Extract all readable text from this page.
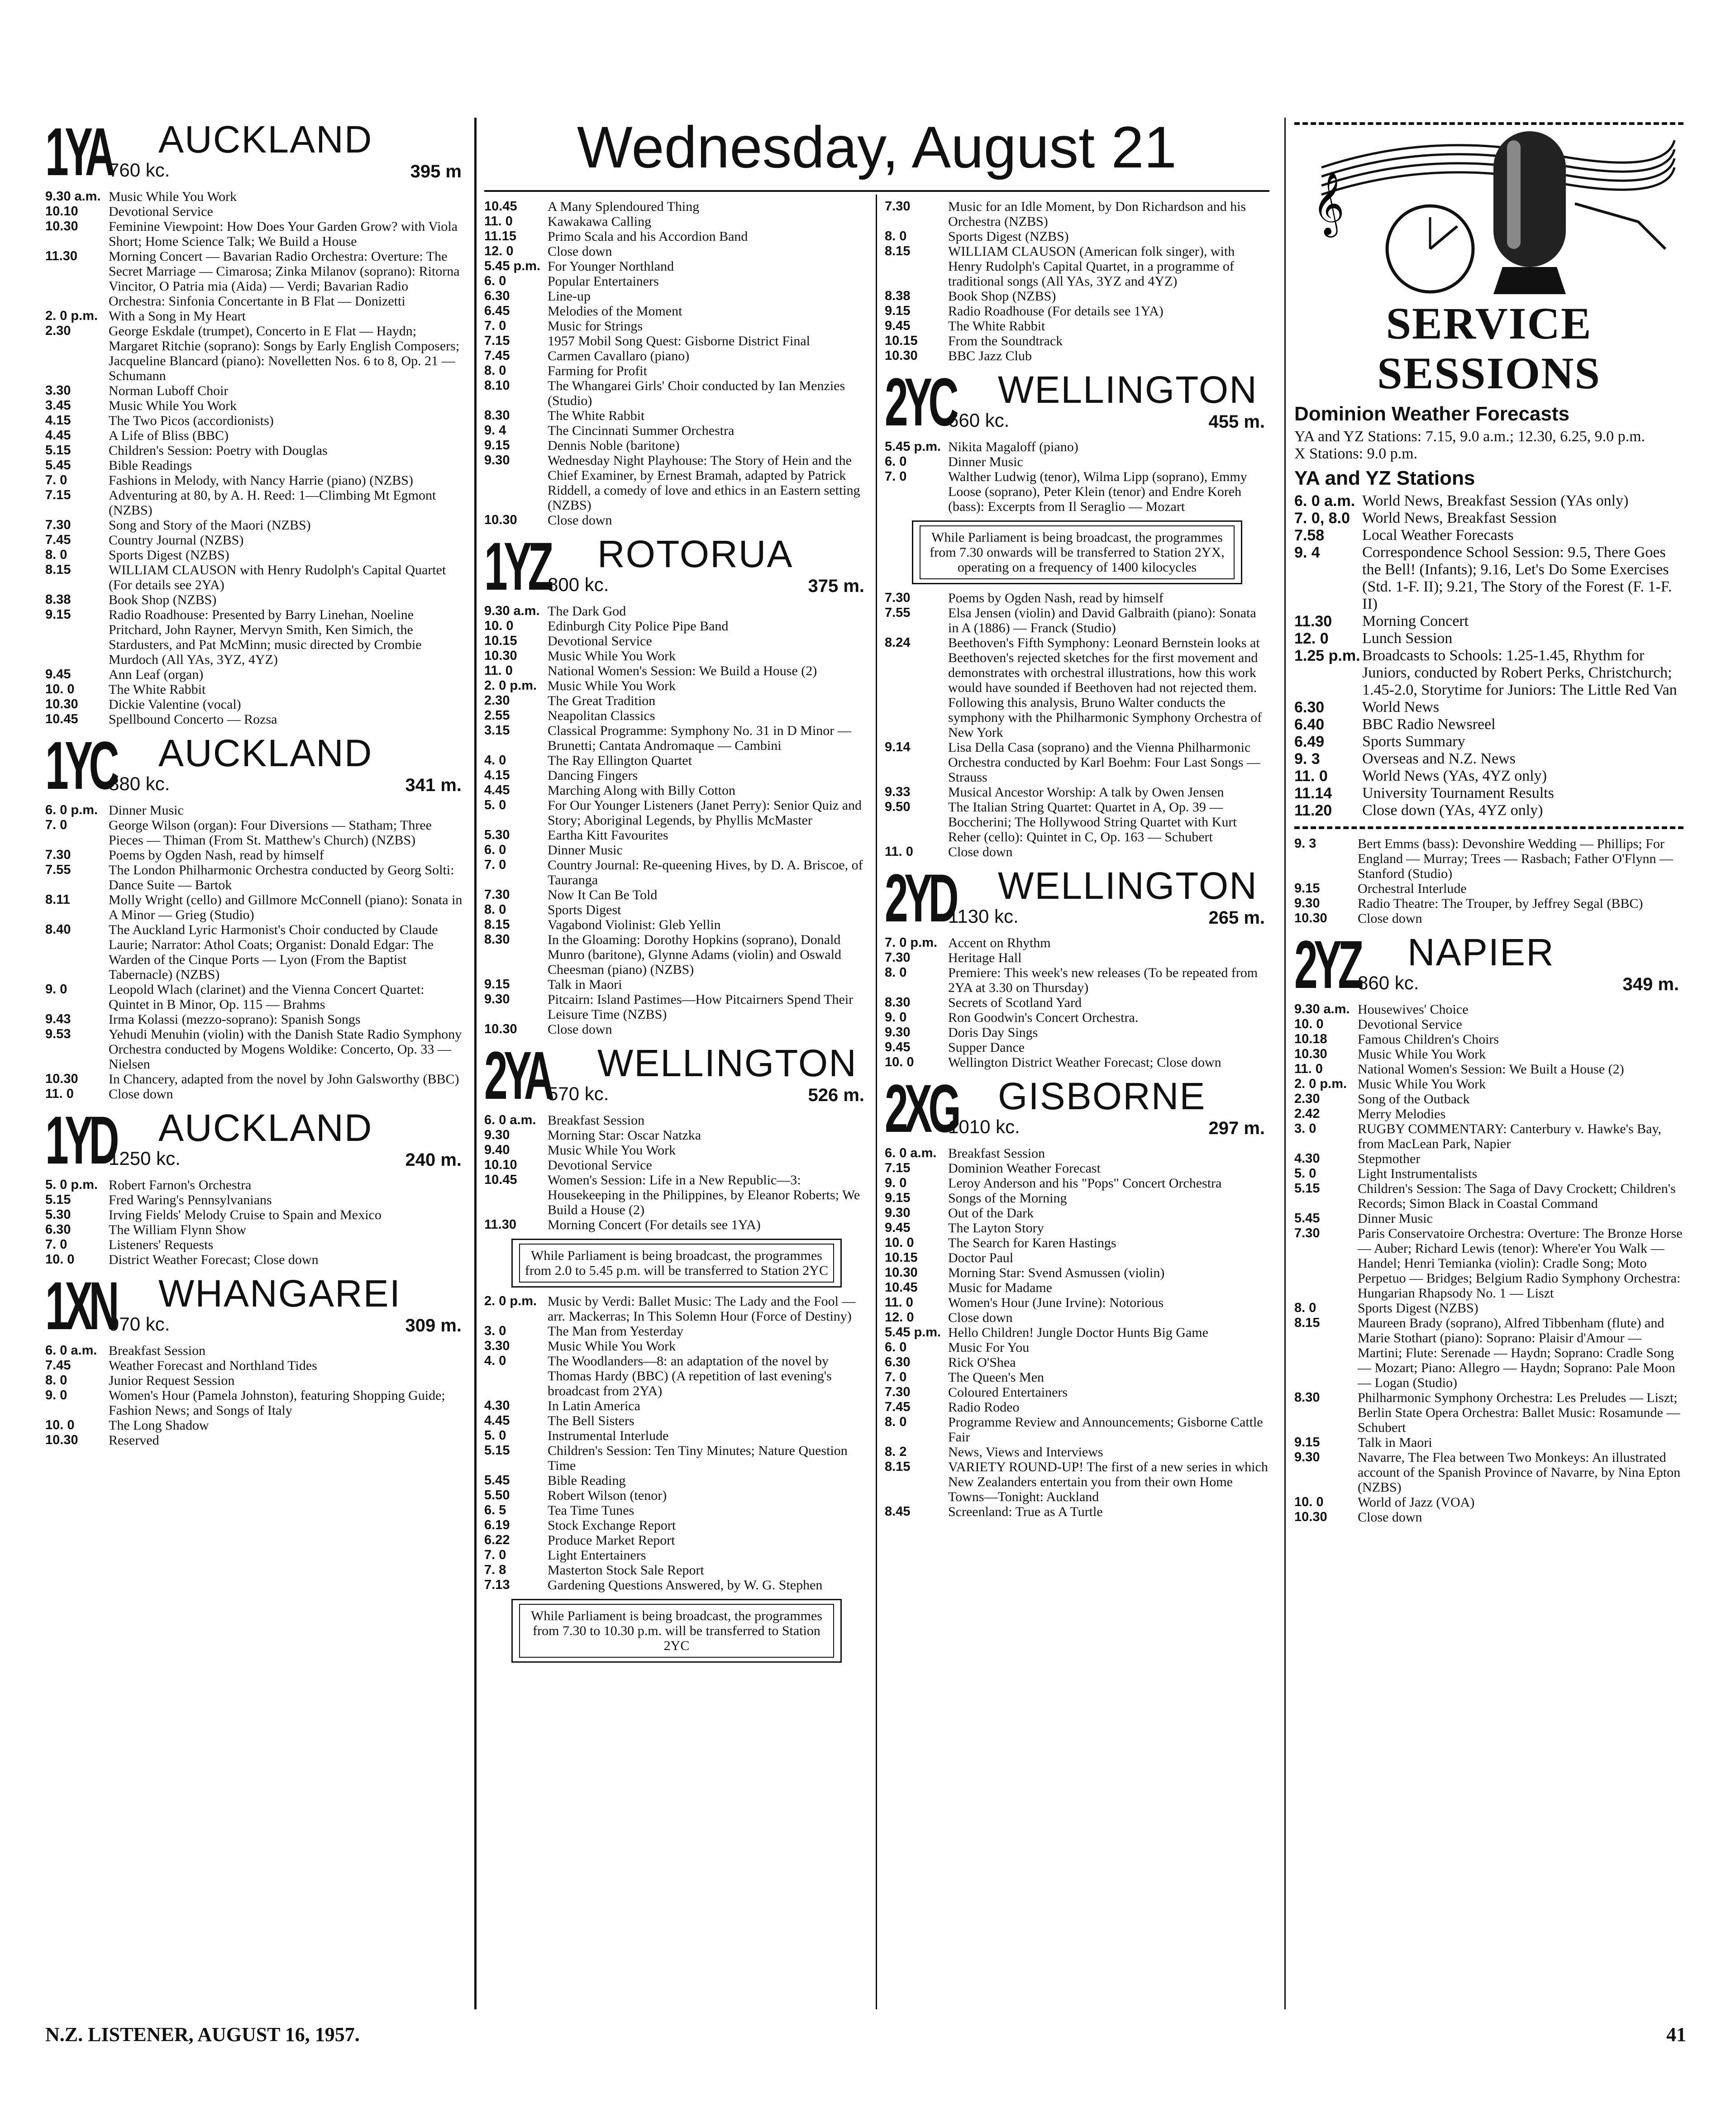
Wednesday, August 21
1YA
760 kc.
AUCKLAND
395 m
9.30 a.m. Music While You Work
10.10	Devotional Service
10.30	Feminine Viewpoint: How Does Your Garden Grow? with Viola Short; Home Science Talk; We Build a House
11.30	Morning Concert — Bavarian Radio Orchestra: Overture: The Secret Marriage — Cimarosa; Zinka Milanov (soprano): Ritorna Vincitor, O Patria mia (Aida) — Verdi; Bavarian Radio Orchestra: Sinfonia Concertante in B Flat — Donizetti
2. 0 p.m. With a Song in My Heart
2.30	George Eskdale (trumpet), Concerto in E Flat — Haydn; Margaret Ritchie (soprano): Songs by Early English Composers; Jacqueline Blancard (piano): Novelletten Nos. 6 to 8, Op. 21 — Schumann
3.30	Norman Luboff Choir
3.45	Music While You Work
4.15	The Two Picos (accordionists)
4.45	A Life of Bliss (BBC)
5.15	Children's Session: Poetry with Douglas
5.45	Bible Readings
7. 0	Fashions in Melody, with Nancy Harrie (piano) (NZBS)
7.15	Adventuring at 80, by A. H. Reed: 1—Climbing Mt Egmont (NZBS)
7.30	Song and Story of the Maori (NZBS)
7.45	Country Journal (NZBS)
8. 0	Sports Digest (NZBS)
8.15	WILLIAM CLAUSON with Henry Rudolph's Capital Quartet (For details see 2YA)
8.38	Book Shop (NZBS)
9.15	Radio Roadhouse: Presented by Barry Linehan, Noeline Pritchard, John Rayner, Mervyn Smith, Ken Simich, the Stardusters, and Pat McMinn; music directed by Crombie Murdoch (All YAs, 3YZ, 4YZ)
9.45	Ann Leaf (organ)
10. 0	The White Rabbit
10.30	Dickie Valentine (vocal)
10.45	Spellbound Concerto — Rozsa
1YC
880 kc.
AUCKLAND
341 m.
6. 0 p.m. Dinner Music
7. 0	George Wilson (organ): Four Diversions — Statham; Three Pieces — Thiman (From St. Matthew's Church) (NZBS)
7.30	Poems by Ogden Nash, read by himself
7.55	The London Philharmonic Orchestra conducted by Georg Solti: Dance Suite — Bartok
8.11	Molly Wright (cello) and Gillmore McConnell (piano): Sonata in A Minor — Grieg (Studio)
8.40	The Auckland Lyric Harmonist's Choir conducted by Claude Laurie; Narrator: Athol Coats; Organist: Donald Edgar: The Warden of the Cinque Ports — Lyon (From the Baptist Tabernacle) (NZBS)
9. 0	Leopold Wlach (clarinet) and the Vienna Concert Quartet: Quintet in B Minor, Op. 115 — Brahms
9.43	Irma Kolassi (mezzo-soprano): Spanish Songs
9.53	Yehudi Menuhin (violin) with the Danish State Radio Symphony Orchestra conducted by Mogens Woldike: Concerto, Op. 33 — Nielsen
10.30	In Chancery, adapted from the novel by John Galsworthy (BBC)
11. 0	Close down
1YD
1250 kc.
AUCKLAND
240 m.
5. 0 p.m. Robert Farnon's Orchestra
5.15	Fred Waring's Pennsylvanians
5.30	Irving Fields' Melody Cruise to Spain and Mexico
6.30	The William Flynn Show
7. 0	Listeners' Requests
10. 0	District Weather Forecast; Close down
1XN
970 kc.
WHANGAREI
309 m.
6. 0 a.m. Breakfast Session
7.45	Weather Forecast and Northland Tides
8. 0	Junior Request Session
9. 0	Women's Hour (Pamela Johnston), featuring Shopping Guide; Fashion News; and Songs of Italy
10. 0	The Long Shadow
10.30	Reserved
10.45	A Many Splendoured Thing
11. 0	Kawakawa Calling
11.15	Primo Scala and his Accordion Band
12. 0	Close down
5.45 p.m. For Younger Northland
6. 0	Popular Entertainers
6.30	Line-up
6.45	Melodies of the Moment
7. 0	Music for Strings
7.15	1957 Mobil Song Quest: Gisborne District Final
7.45	Carmen Cavallaro (piano)
8. 0	Farming for Profit
8.10	The Whangarei Girls' Choir conducted by Ian Menzies (Studio)
8.30	The White Rabbit
9. 4	The Cincinnati Summer Orchestra
9.15	Dennis Noble (baritone)
9.30	Wednesday Night Playhouse: The Story of Hein and the Chief Examiner, by Ernest Bramah, adapted by Patrick Riddell, a comedy of love and ethics in an Eastern setting (NZBS)
10.30	Close down
1YZ
800 kc.
ROTORUA
375 m.
9.30 a.m. The Dark God
10. 0	Edinburgh City Police Pipe Band
10.15	Devotional Service
10.30	Music While You Work
11. 0	National Women's Session: We Build a House (2)
2. 0 p.m. Music While You Work
2.30	The Great Tradition
2.55	Neapolitan Classics
3.15	Classical Programme: Symphony No. 31 in D Minor — Brunetti; Cantata Andromaque — Cambini
4. 0	The Ray Ellington Quartet
4.15	Dancing Fingers
4.45	Marching Along with Billy Cotton
5. 0	For Our Younger Listeners (Janet Perry): Senior Quiz and Story; Aboriginal Legends, by Phyllis McMaster
5.30	Eartha Kitt Favourites
6. 0	Dinner Music
7. 0	Country Journal: Re-queening Hives, by D. A. Briscoe, of Tauranga
7.30	Now It Can Be Told
8. 0	Sports Digest
8.15	Vagabond Violinist: Gleb Yellin
8.30	In the Gloaming: Dorothy Hopkins (soprano), Donald Munro (baritone), Glynne Adams (violin) and Oswald Cheesman (piano) (NZBS)
9.15	Talk in Maori
9.30	Pitcairn: Island Pastimes—How Pitcairners Spend Their Leisure Time (NZBS)
10.30	Close down
2YA
570 kc.
WELLINGTON
526 m.
6. 0 a.m. Breakfast Session
9.30	Morning Star: Oscar Natzka
9.40	Music While You Work
10.10	Devotional Service
10.45	Women's Session: Life in a New Republic—3: Housekeeping in the Philippines, by Eleanor Roberts; We Build a House (2)
11.30	Morning Concert (For details see 1YA)
While Parliament is being broadcast, the programmes from 2.0 to 5.45 p.m. will be transferred to Station 2YC
2. 0 p.m. Music by Verdi: Ballet Music: The Lady and the Fool — arr. Mackerras; In This Solemn Hour (Force of Destiny)
3. 0	The Man from Yesterday
3.30	Music While You Work
4. 0	The Woodlanders—8: an adaptation of the novel by Thomas Hardy (BBC) (A repetition of last evening's broadcast from 2YA)
4.30	In Latin America
4.45	The Bell Sisters
5. 0	Instrumental Interlude
5.15	Children's Session: Ten Tiny Minutes; Nature Question Time
5.45	Bible Reading
5.50	Robert Wilson (tenor)
6. 5	Tea Time Tunes
6.19	Stock Exchange Report
6.22	Produce Market Report
7. 0	Light Entertainers
7. 8	Masterton Stock Sale Report
7.13	Gardening Questions Answered, by W. G. Stephen
While Parliament is being broadcast, the programmes from 7.30 to 10.30 p.m. will be transferred to Station 2YC
7.30	Music for an Idle Moment, by Don Richardson and his Orchestra (NZBS)
8. 0	Sports Digest (NZBS)
8.15	WILLIAM CLAUSON (American folk singer), with Henry Rudolph's Capital Quartet, in a programme of traditional songs (All YAs, 3YZ and 4YZ)
8.38	Book Shop (NZBS)
9.15	Radio Roadhouse (For details see 1YA)
9.45	The White Rabbit
10.15	From the Soundtrack
10.30	BBC Jazz Club
2YC
660 kc.
WELLINGTON
455 m.
5.45 p.m. Nikita Magaloff (piano)
6. 0	Dinner Music
7. 0	Walther Ludwig (tenor), Wilma Lipp (soprano), Emmy Loose (soprano), Peter Klein (tenor) and Endre Koreh (bass): Excerpts from Il Seraglio — Mozart
While Parliament is being broadcast, the programmes from 7.30 onwards will be transferred to Station 2YX, operating on a frequency of 1400 kilocycles
7.30	Poems by Ogden Nash, read by himself
7.55	Elsa Jensen (violin) and David Galbraith (piano): Sonata in A (1886) — Franck (Studio)
8.24	Beethoven's Fifth Symphony: Leonard Bernstein looks at Beethoven's rejected sketches for the first movement and demonstrates with orchestral illustrations, how this work would have sounded if Beethoven had not rejected them. Following this analysis, Bruno Walter conducts the symphony with the Philharmonic Symphony Orchestra of New York
9.14	Lisa Della Casa (soprano) and the Vienna Philharmonic Orchestra conducted by Karl Boehm: Four Last Songs — Strauss
9.33	Musical Ancestor Worship: A talk by Owen Jensen
9.50	The Italian String Quartet: Quartet in A, Op. 39 — Boccherini; The Hollywood String Quartet with Kurt Reher (cello): Quintet in C, Op. 163 — Schubert
11. 0	Close down
2YD
1130 kc.
WELLINGTON
265 m.
7. 0 p.m. Accent on Rhythm
7.30	Heritage Hall
8. 0	Premiere: This week's new releases (To be repeated from 2YA at 3.30 on Thursday)
8.30	Secrets of Scotland Yard
9. 0	Ron Goodwin's Concert Orchestra.
9.30	Doris Day Sings
9.45	Supper Dance
10. 0	Wellington District Weather Forecast; Close down
2XG
1010 kc.
GISBORNE
297 m.
6. 0 a.m. Breakfast Session
7.15	Dominion Weather Forecast
9. 0	Leroy Anderson and his "Pops" Concert Orchestra
9.15	Songs of the Morning
9.30	Out of the Dark
9.45	The Layton Story
10. 0	The Search for Karen Hastings
10.15	Doctor Paul
10.30	Morning Star: Svend Asmussen (violin)
10.45	Music for Madame
11. 0	Women's Hour (June Irvine): Notorious
12. 0	Close down
5.45 p.m. Hello Children! Jungle Doctor Hunts Big Game
6. 0	Music For You
6.30	Rick O'Shea
7. 0	The Queen's Men
7.30	Coloured Entertainers
7.45	Radio Rodeo
8. 0	Programme Review and Announcements; Gisborne Cattle Fair
8. 2	News, Views and Interviews
8.15	VARIETY ROUND-UP! The first of a new series in which New Zealanders entertain you from their own Home Towns—Tonight: Auckland
8.45	Screenland: True as A Turtle
𝄞
SERVICE
SESSIONS
Dominion Weather Forecasts
YA and YZ Stations: 7.15, 9.0 a.m.; 12.30, 6.25, 9.0 p.m.
X Stations: 9.0 p.m.
YA and YZ Stations
6. 0 a.m. World News, Breakfast Session (YAs only)
7. 0, 8.0 World News, Breakfast Session
7.58	Local Weather Forecasts
9. 4	Correspondence School Session: 9.5, There Goes the Bell! (Infants); 9.16, Let's Do Some Exercises (Std. 1-F. II); 9.21, The Story of the Forest (F. 1-F. II)
11.30	Morning Concert
12. 0	Lunch Session
1.25 p.m. Broadcasts to Schools: 1.25-1.45, Rhythm for Juniors, conducted by Robert Perks, Christchurch; 1.45-2.0, Storytime for Juniors: The Little Red Van
6.30	World News
6.40	BBC Radio Newsreel
6.49	Sports Summary
9. 3	Overseas and N.Z. News
11. 0	World News (YAs, 4YZ only)
11.14	University Tournament Results
11.20	Close down (YAs, 4YZ only)
9. 3	Bert Emms (bass): Devonshire Wedding — Phillips; For England — Murray; Trees — Rasbach; Father O'Flynn — Stanford (Studio)
9.15	Orchestral Interlude
9.30	Radio Theatre: The Trouper, by Jeffrey Segal (BBC)
10.30	Close down
2YZ
860 kc.
NAPIER
349 m.
9.30 a.m. Housewives' Choice
10. 0	Devotional Service
10.18	Famous Children's Choirs
10.30	Music While You Work
11. 0	National Women's Session: We Built a House (2)
2. 0 p.m. Music While You Work
2.30	Song of the Outback
2.42	Merry Melodies
3. 0	RUGBY COMMENTARY: Canterbury v. Hawke's Bay, from MacLean Park, Napier
4.30	Stepmother
5. 0	Light Instrumentalists
5.15	Children's Session: The Saga of Davy Crockett; Children's Records; Simon Black in Coastal Command
5.45	Dinner Music
7.30	Paris Conservatoire Orchestra: Overture: The Bronze Horse — Auber; Richard Lewis (tenor): Where'er You Walk — Handel; Henri Temianka (violin): Cradle Song; Moto Perpetuo — Bridges; Belgium Radio Symphony Orchestra: Hungarian Rhapsody No. 1 — Liszt
8. 0	Sports Digest (NZBS)
8.15	Maureen Brady (soprano), Alfred Tibbenham (flute) and Marie Stothart (piano): Soprano: Plaisir d'Amour — Martini; Flute: Serenade — Haydn; Soprano: Cradle Song — Mozart; Piano: Allegro — Haydn; Soprano: Pale Moon — Logan (Studio)
8.30	Philharmonic Symphony Orchestra: Les Preludes — Liszt; Berlin State Opera Orchestra: Ballet Music: Rosamunde — Schubert
9.15	Talk in Maori
9.30	Navarre, The Flea between Two Monkeys: An illustrated account of the Spanish Province of Navarre, by Nina Epton (NZBS)
10. 0	World of Jazz (VOA)
10.30	Close down
N.Z. LISTENER, AUGUST 16, 1957.	41
